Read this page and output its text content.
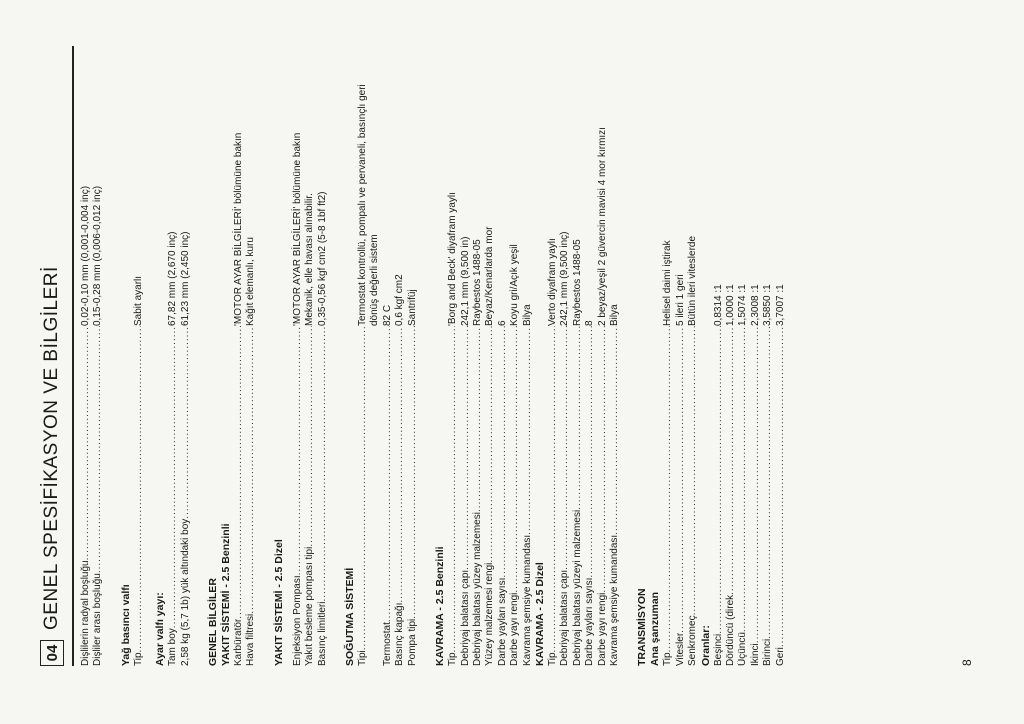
04
GENEL SPESİFİKASYON VE BİLGİLERİ Dişlilerin radyal boşluğu
.....
0,02-0,10 mm (0,001-0,004 inç)
Dişliler arası boşluğu
.....
0,15-0,28 mm (0,006-0,012 inç)
Yağ basıncı valfı Tip
.....
Sabit ayarlı
Ayar valfı yayı: Tam boy
.....
67,82 mm (2,670 inç)
2,58 kg (5,7 1b) yük altındaki boy
.....
61,23 mm (2,450 inç)
GENEL BİLGİLER YAKIT SİSTEMİ - 2.5 Benzinli Karbüratör
.....
'MOTOR AYAR BİLGİLERİ' bölümüne bakın
Hava filtresi
.....
Kağıt elemanlı, kuru
YAKIT SİSTEMİ - 2.5 Dizel Enjeksiyon Pompası
.....
'MOTOR AYAR BİLGİLERİ' bölümüne bakın
Yakıt besleme pompası tipi
.....
Mekanik, elle havası alınabilir.
Basınç limitleri
.....
0,35-0,56 kgf cm2 (5-8 1bf ft2)
SOĞUTMA SİSTEMİ Tipi
.....
Termostat kontrollü, pompalı ve pervaneli, basınçlı geri dönüş değerli sistem
Termostat
.....
82 C
Basınç kapağı
.....
0,6 kgf cm2
Pompa tipi
.....
Santrifüj
KAVRAMA - 2.5 Benzinli Tip
.....
'Borg and Beck' diyafram yaylı
Debriyaj balatası çapı
.....
242,1 mm (9,500 in)
Debriyaj balatası yüzey malzemesi
.....
Raybestos 1488-05
Yüzey malzemesi rengi
.....
Beyaz/Kenarlarda mor
Darbe yayları sayısı
.....
6
Darbe yayı rengi
.....
Koyu gri/Açık yeşil
Kavrama şemsiye kumandası
.....
Bilya
KAVRAMA - 2.5 Dizel Tip
.....
Verto diyafram yaylı
Debriyaj balatası çapı
.....
242,1 mm (9,500 inç)
Debriyaj balatası yüzeyi malzemesi
.....
Raybestos 1488-05
Darbe yayları sayısı
.....
8
Darbe yayı rengi
.....
2 beyaz/yeşil 2 güvercin mavisi 4 mor kırmızı
Kavrama şemsiye kumandası
.....
Bilya
TRANSMİSYON Ana şanzuman Tip
.....
Helisel daimi iştirak
Vitesler
.....
5 ileri 1 geri
Senkromeç
.....
Bütün ileri viteslerde
Oranlar: Beşinci
.....
0,8314 :1
Dördüncü (direk
.....
1,0000 :1
Üçüncü
.....
1,5074 :1
İkinci
.....
2,3008 :1
Birinci
.....
3,5850 :1
Geri
.....
3,7007 :1
8
